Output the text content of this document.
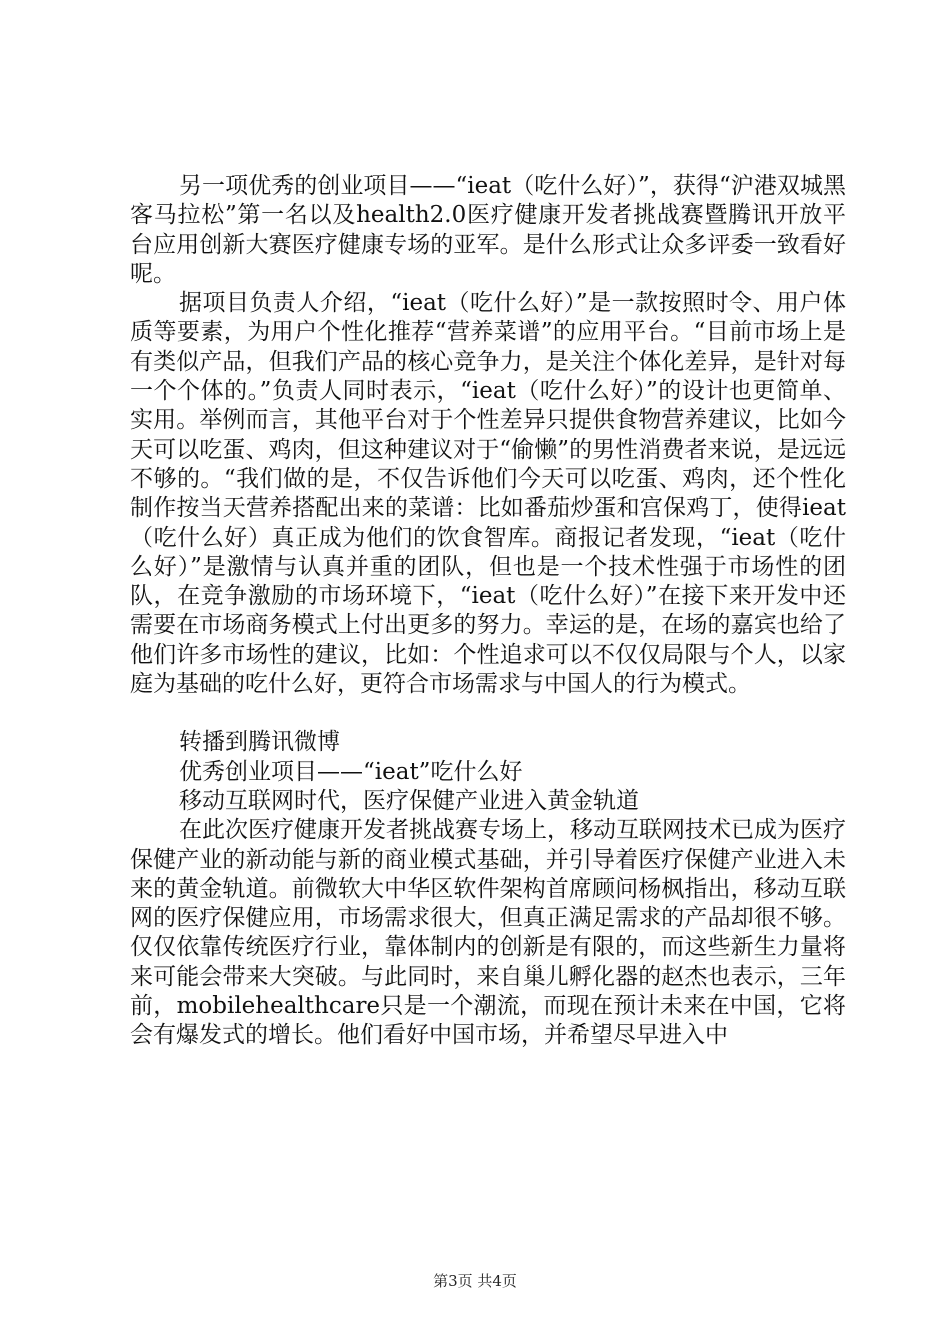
另一项优秀的创业项目——“ieat（吃什么好）”，获得“沪港双城黑客马拉松”第一名以及health2.0医疗健康开发者挑战赛暨腾讯开放平台应用创新大赛医疗健康专场的亚军。是什么形式让众多评委一致看好呢。

据项目负责人介绍，“ieat（吃什么好）”是一款按照时令、用户体质等要素，为用户个性化推荐“营养菜谱”的应用平台。“目前市场上是有类似产品，但我们产品的核心竞争力，是关注个体化差异，是针对每一个个体的。”负责人同时表示，“ieat（吃什么好）”的设计也更简单、实用。举例而言，其他平台对于个性差异只提供食物营养建议，比如今天可以吃蛋、鸡肉，但这种建议对于“偷懒”的男性消费者来说，是远远不够的。“我们做的是，不仅告诉他们今天可以吃蛋、鸡肉，还个性化制作按当天营养搭配出来的菜谱：比如番茄炒蛋和宫保鸡丁，使得ieat（吃什么好）真正成为他们的饮食智库。商报记者发现，“ieat（吃什么好）”是激情与认真并重的团队，但也是一个技术性强于市场性的团队，在竞争激励的市场环境下，“ieat（吃什么好）”在接下来开发中还需要在市场商务模式上付出更多的努力。幸运的是，在场的嘉宾也给了他们许多市场性的建议，比如：个性追求可以不仅仅局限与个人，以家庭为基础的吃什么好，更符合市场需求与中国人的行为模式。

转播到腾讯微博

优秀创业项目——“ieat”吃什么好

移动互联网时代，医疗保健产业进入黄金轨道

在此次医疗健康开发者挑战赛专场上，移动互联网技术已成为医疗保健产业的新动能与新的商业模式基础，并引导着医疗保健产业进入未来的黄金轨道。前微软大中华区软件架构首席顾问杨枫指出，移动互联网的医疗保健应用，市场需求很大，但真正满足需求的产品却很不够。仅仅依靠传统医疗行业，靠体制内的创新是有限的，而这些新生力量将来可能会带来大突破。与此同时，来自巢儿孵化器的赵杰也表示，三年前，mobilehealthcare只是一个潮流，而现在预计未来在中国，它将会有爆发式的增长。他们看好中国市场，并希望尽早进入中

第3页 共4页
